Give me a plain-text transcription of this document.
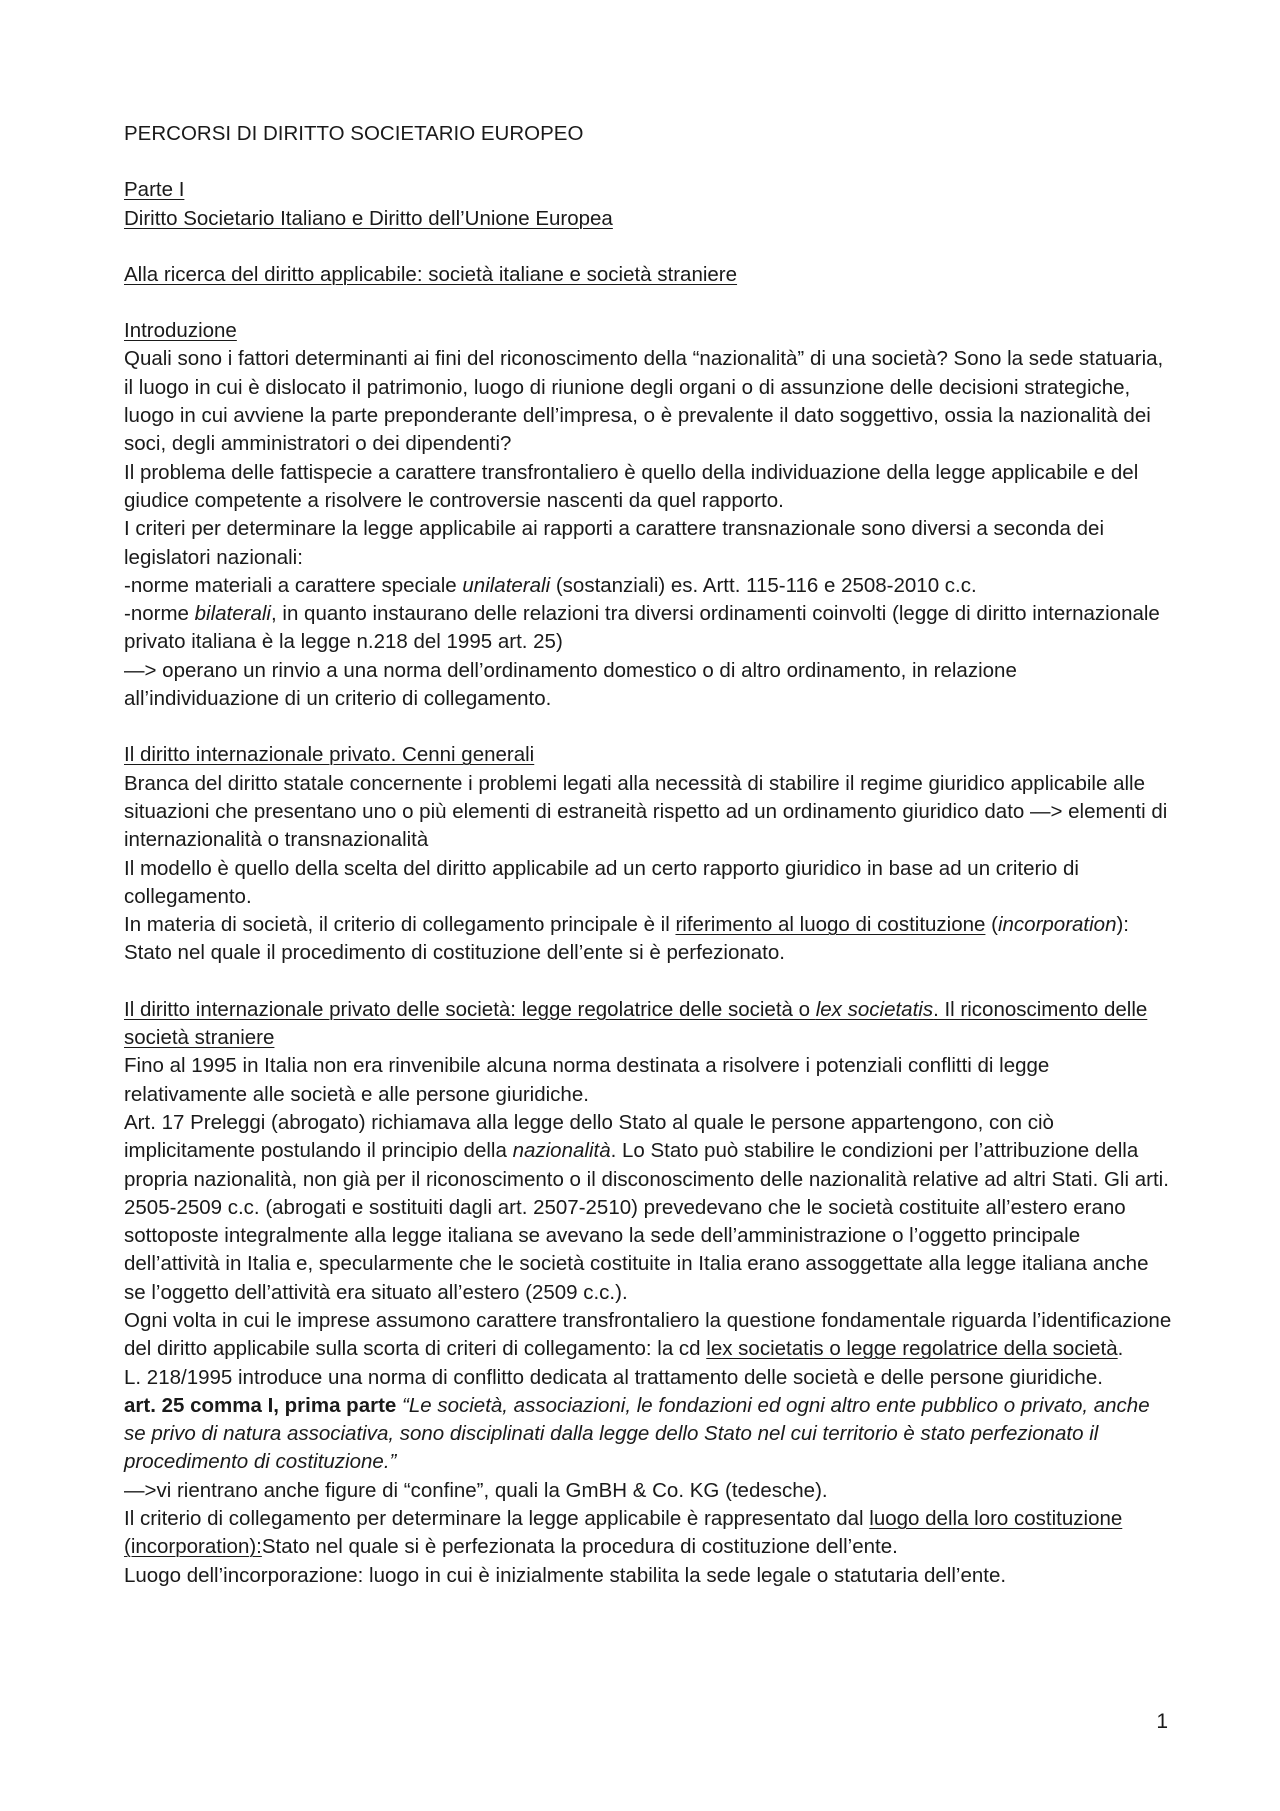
PERCORSI DI DIRITTO SOCIETARIO EUROPEO

Parte I

Diritto Societario Italiano e Diritto dell’Unione Europea

Alla ricerca del diritto applicabile: società italiane e società straniere

Introduzione

Quali sono i fattori determinanti ai fini del riconoscimento della “nazionalità” di una società? Sono la sede statuaria, il luogo in cui è dislocato il patrimonio, luogo di riunione degli organi o di assunzione delle decisioni strategiche, luogo in cui avviene la parte preponderante dell’impresa, o è prevalente il dato soggettivo, ossia la nazionalità dei soci, degli amministratori o dei dipendenti?

Il problema delle fattispecie a carattere transfrontaliero è quello della individuazione della legge applicabile e del giudice competente a risolvere le controversie nascenti da quel rapporto.

I criteri per determinare la legge applicabile ai rapporti a carattere transnazionale sono diversi a seconda dei legislatori nazionali:

-norme materiali a carattere speciale unilaterali (sostanziali) es. Artt. 115-116 e 2508-2010 c.c.

-norme bilaterali, in quanto instaurano delle relazioni tra diversi ordinamenti coinvolti (legge di diritto internazionale privato italiana è la legge n.218 del 1995 art. 25)

—> operano un rinvio a una norma dell’ordinamento domestico o di altro ordinamento, in relazione all’individuazione di un criterio di collegamento.

Il diritto internazionale privato. Cenni generali

Branca del diritto statale concernente i problemi legati alla necessità di stabilire il regime giuridico applicabile alle situazioni che presentano uno o più elementi di estraneità rispetto ad un ordinamento giuridico dato —> elementi di internazionalità o transnazionalità

Il modello è quello della scelta del diritto applicabile ad un certo rapporto giuridico in base ad un criterio di collegamento.

In materia di società, il criterio di collegamento principale è il riferimento al luogo di costituzione (incorporation): Stato nel quale il procedimento di costituzione dell’ente si è perfezionato.

Il diritto internazionale privato delle società: legge regolatrice delle società o lex societatis. Il riconoscimento delle società straniere

Fino al 1995 in Italia non era rinvenibile alcuna norma destinata a risolvere i potenziali conflitti di legge relativamente alle società e alle persone giuridiche.

Art. 17 Preleggi (abrogato) richiamava alla legge dello Stato al quale le persone appartengono, con ciò implicitamente postulando il principio della nazionalità. Lo Stato può stabilire le condizioni per l’attribuzione della propria nazionalità, non già per il riconoscimento o il disconoscimento delle nazionalità relative ad altri Stati. Gli arti. 2505-2509 c.c. (abrogati e sostituiti dagli art. 2507-2510) prevedevano che le società costituite all’estero erano sottoposte integralmente alla legge italiana se avevano la sede dell’amministrazione o l’oggetto principale dell’attività in Italia e, specularmente che le società costituite in Italia erano assoggettate alla legge italiana anche se l’oggetto dell’attività era situato all’estero (2509 c.c.).

Ogni volta in cui le imprese assumono carattere transfrontaliero la questione fondamentale riguarda l’identificazione del diritto applicabile sulla scorta di criteri di collegamento: la cd lex societatis o legge regolatrice della società.

L. 218/1995 introduce una norma di conflitto dedicata al trattamento delle società e delle persone giuridiche.

art. 25 comma I, prima parte “Le società, associazioni, le fondazioni ed ogni altro ente pubblico o privato, anche se privo di natura associativa, sono disciplinati dalla legge dello Stato nel cui territorio è stato perfezionato il procedimento di costituzione.”

—>vi rientrano anche figure di “confine”, quali la GmBH & Co. KG (tedesche).

Il criterio di collegamento per determinare la legge applicabile è rappresentato dal luogo della loro costituzione (incorporation):Stato nel quale si è perfezionata la procedura di costituzione dell’ente.

Luogo dell’incorporazione: luogo in cui è inizialmente stabilita la sede legale o statutaria dell’ente.

1
